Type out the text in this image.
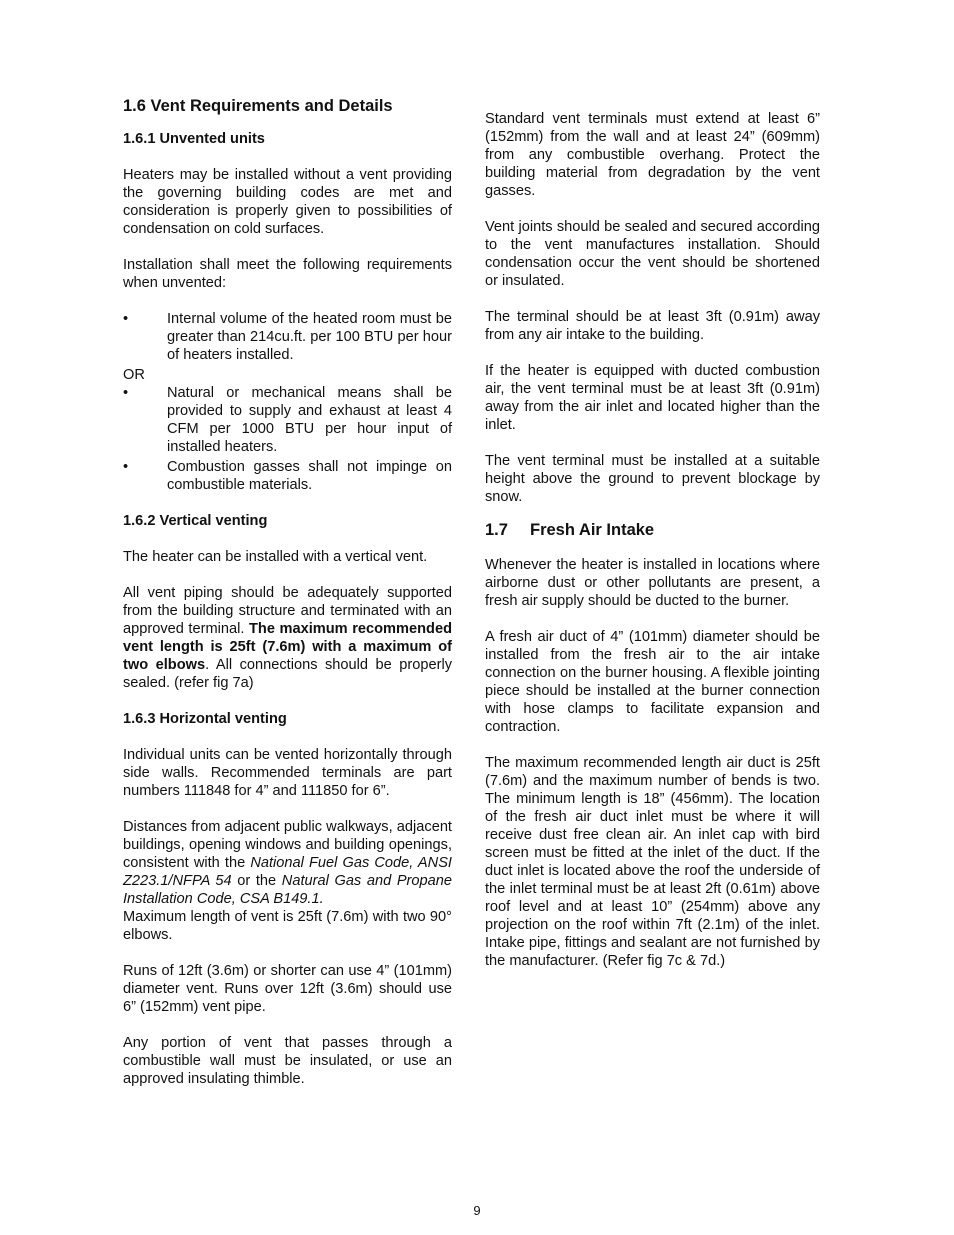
1.6 Vent Requirements and Details
1.6.1 Unvented units

Heaters may be installed without a vent providing the governing building codes are met and consideration is properly given to possibilities of condensation on cold surfaces.

Installation shall meet the following requirements when unvented:

•	Internal volume of the heated room must be greater than 214cu.ft. per 100 BTU per hour of heaters installed.
OR
•	Natural or mechanical means shall be provided to supply and exhaust at least 4 CFM per 1000 BTU per hour input of installed heaters.
•	Combustion gasses shall not impinge on combustible materials.
1.6.2 Vertical venting

The heater can be installed with a vertical vent.

All vent piping should be adequately supported from the building structure and terminated with an approved terminal. The maximum recommended vent length is 25ft (7.6m) with a maximum of two elbows. All connections should be properly sealed. (refer fig 7a)

1.6.3 Horizontal venting

Individual units can be vented horizontally through side walls. Recommended terminals are part numbers 111848 for 4” and 111850 for 6”.

Distances from adjacent public walkways, adjacent buildings, opening windows and building openings, consistent with the National Fuel Gas Code, ANSI Z223.1/NFPA 54 or the Natural Gas and Propane Installation Code, CSA B149.1.

Maximum length of vent is 25ft (7.6m) with two 90° elbows.

Runs of 12ft (3.6m) or shorter can use 4” (101mm) diameter vent. Runs over 12ft (3.6m) should use 6” (152mm) vent pipe.

Any portion of vent that passes through a combustible wall must be insulated, or use an approved insulating thimble.

Standard vent terminals must extend at least 6” (152mm) from the wall and at least 24” (609mm) from any combustible overhang. Protect the building material from degradation by the vent gasses.

Vent joints should be sealed and secured according to the vent manufactures installation. Should condensation occur the vent should be shortened or insulated.

The terminal should be at least 3ft (0.91m) away from any air intake to the building.

If the heater is equipped with ducted combustion air, the vent terminal must be at least 3ft (0.91m) away from the air inlet and located higher than the inlet.

The vent terminal must be installed at a suitable height above the ground to prevent blockage by snow.

1.7 Fresh Air Intake

Whenever the heater is installed in locations where airborne dust or other pollutants are present, a fresh air supply should be ducted to the burner.

A fresh air duct of 4” (101mm) diameter should be installed from the fresh air to the air intake connection on the burner housing. A flexible jointing piece should be installed at the burner connection with hose clamps to facilitate expansion and contraction.

The maximum recommended length air duct is 25ft (7.6m) and the maximum number of bends is two. The minimum length is 18” (456mm). The location of the fresh air duct inlet must be where it will receive dust free clean air. An inlet cap with bird screen must be fitted at the inlet of the duct. If the duct inlet is located above the roof the underside of the inlet terminal must be at least 2ft (0.61m) above roof level and at least 10” (254mm) above any projection on the roof within 7ft (2.1m) of the inlet. Intake pipe, fittings and sealant are not furnished by the manufacturer. (Refer fig 7c & 7d.)

9
